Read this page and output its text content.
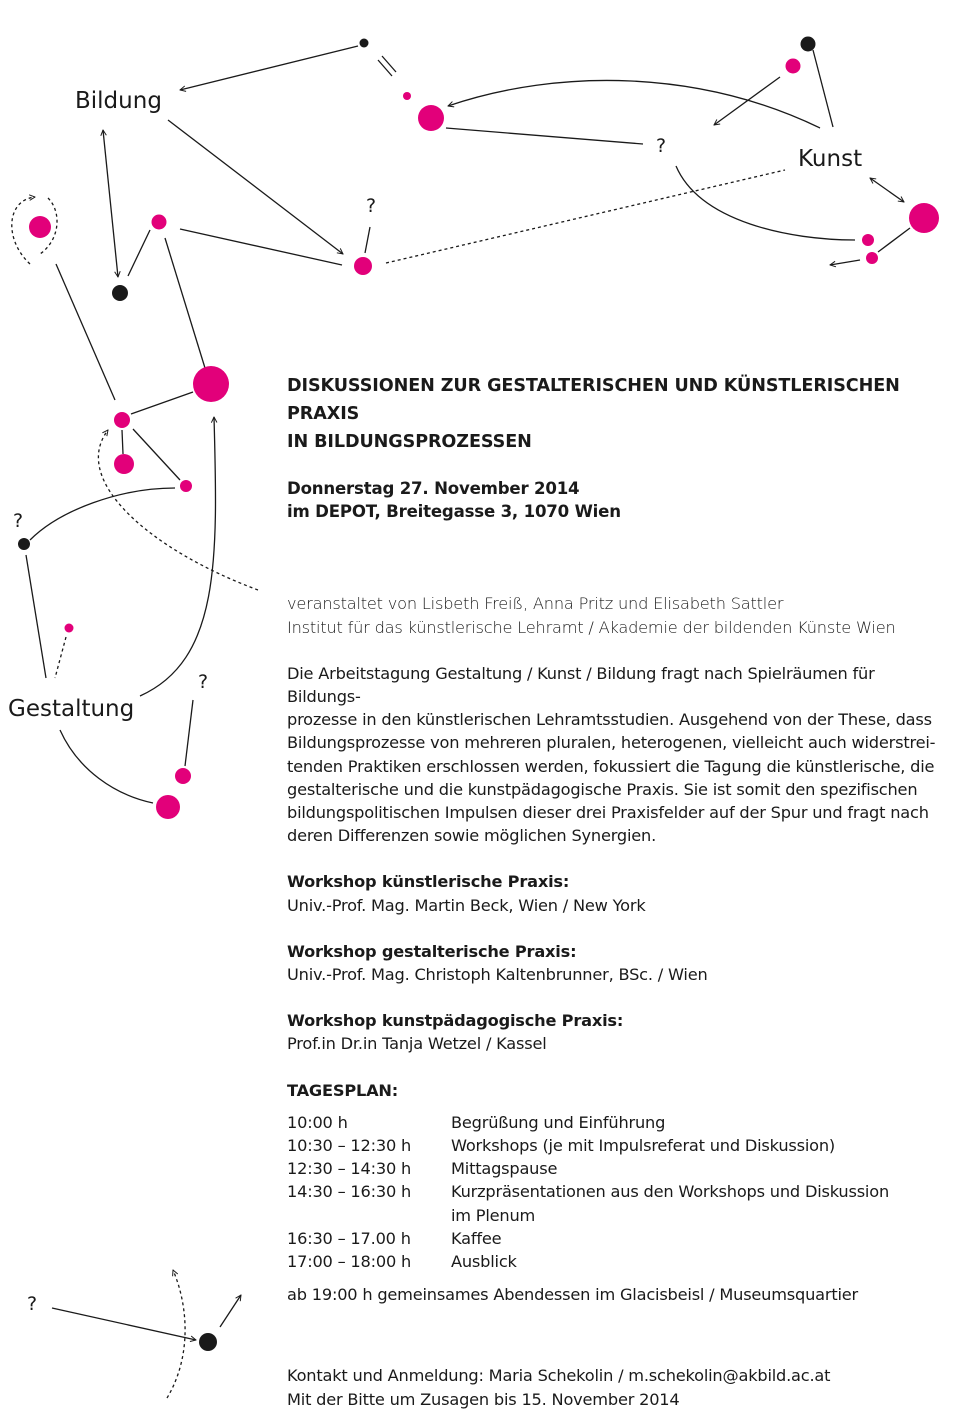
Bildung
Kunst
Gestaltung
?
?
?
?
?

DISKUSSIONEN ZUR GESTALTERISCHEN UND KÜNSTLERISCHEN PRAXIS
IN BILDUNGSPROZESSEN

Donnerstag 27. November 2014
im DEPOT, Breitegasse 3, 1070 Wien

veranstaltet von Lisbeth Freiß, Anna Pritz und Elisabeth Sattler
Institut für das künstlerische Lehramt / Akademie der bildenden Künste Wien

Die Arbeitstagung Gestaltung / Kunst / Bildung fragt nach Spielräumen für Bildungs-
prozesse in den künstlerischen Lehramtsstudien. Ausgehend von der These, dass
Bildungsprozesse von mehreren pluralen, heterogenen, vielleicht auch widerstrei-
tenden Praktiken erschlossen werden, fokussiert die Tagung die künstlerische, die
gestalterische und die kunstpädagogische Praxis. Sie ist somit den spezifischen
bildungspolitischen Impulsen dieser drei Praxisfelder auf der Spur und fragt nach
deren Differenzen sowie möglichen Synergien.

Workshop künstlerische Praxis:
Univ.-Prof. Mag. Martin Beck, Wien / New York
Workshop gestalterische Praxis:
Univ.-Prof. Mag. Christoph Kaltenbrunner, BSc. / Wien
Workshop kunstpädagogische Praxis:
Prof.in Dr.in Tanja Wetzel / Kassel
TAGESPLAN:
10:00 h	Begrüßung und Einführung
10:30 – 12:30 h	Workshops (je mit Impulsreferat und Diskussion)
12:30 – 14:30 h	Mittagspause
14:30 – 16:30 h	Kurzpräsentationen aus den Workshops und Diskussion
	im Plenum
16:30 – 17.00 h	Kaffee
17:00 – 18:00 h	Ausblick

ab 19:00 h gemeinsames Abendessen im Glacisbeisl / Museumsquartier

Kontakt und Anmeldung: Maria Schekolin / m.schekolin@akbild.ac.at
Mit der Bitte um Zusagen bis 15. November 2014
